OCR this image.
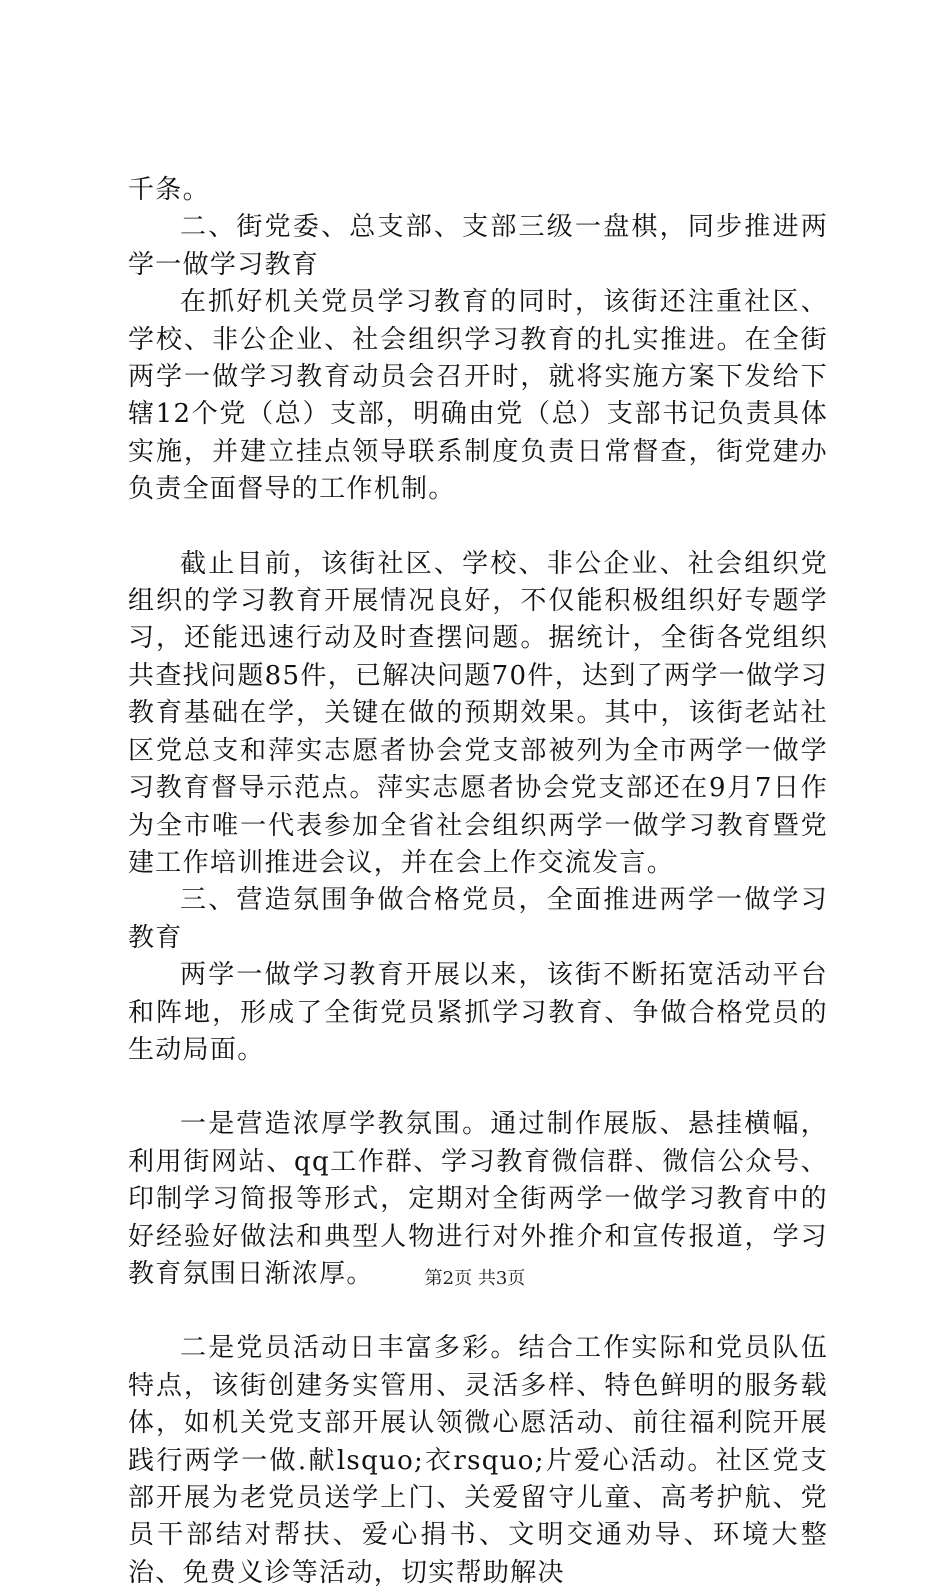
千条。

二、街党委、总支部、支部三级一盘棋，同步推进两学一做学习教育

在抓好机关党员学习教育的同时，该街还注重社区、学校、非公企业、社会组织学习教育的扎实推进。在全街两学一做学习教育动员会召开时，就将实施方案下发给下辖12个党（总）支部，明确由党（总）支部书记负责具体实施，并建立挂点领导联系制度负责日常督查，街党建办负责全面督导的工作机制。

截止目前，该街社区、学校、非公企业、社会组织党组织的学习教育开展情况良好，不仅能积极组织好专题学习，还能迅速行动及时查摆问题。据统计，全街各党组织共查找问题85件，已解决问题70件，达到了两学一做学习教育基础在学，关键在做的预期效果。其中，该街老站社区党总支和萍实志愿者协会党支部被列为全市两学一做学习教育督导示范点。萍实志愿者协会党支部还在9月7日作为全市唯一代表参加全省社会组织两学一做学习教育暨党建工作培训推进会议，并在会上作交流发言。

三、营造氛围争做合格党员，全面推进两学一做学习教育

两学一做学习教育开展以来，该街不断拓宽活动平台和阵地，形成了全街党员紧抓学习教育、争做合格党员的生动局面。

一是营造浓厚学教氛围。通过制作展版、悬挂横幅，利用街网站、qq工作群、学习教育微信群、微信公众号、印制学习简报等形式，定期对全街两学一做学习教育中的好经验好做法和典型人物进行对外推介和宣传报道，学习教育氛围日渐浓厚。

二是党员活动日丰富多彩。结合工作实际和党员队伍特点，该街创建务实管用、灵活多样、特色鲜明的服务载体，如机关党支部开展认领微心愿活动、前往福利院开展践行两学一做.献lsquo;衣rsquo;片爱心活动。社区党支部开展为老党员送学上门、关爱留守儿童、高考护航、党员干部结对帮扶、爱心捐书、文明交通劝导、环境大整治、免费义诊等活动，切实帮助解决

第2页 共3页
